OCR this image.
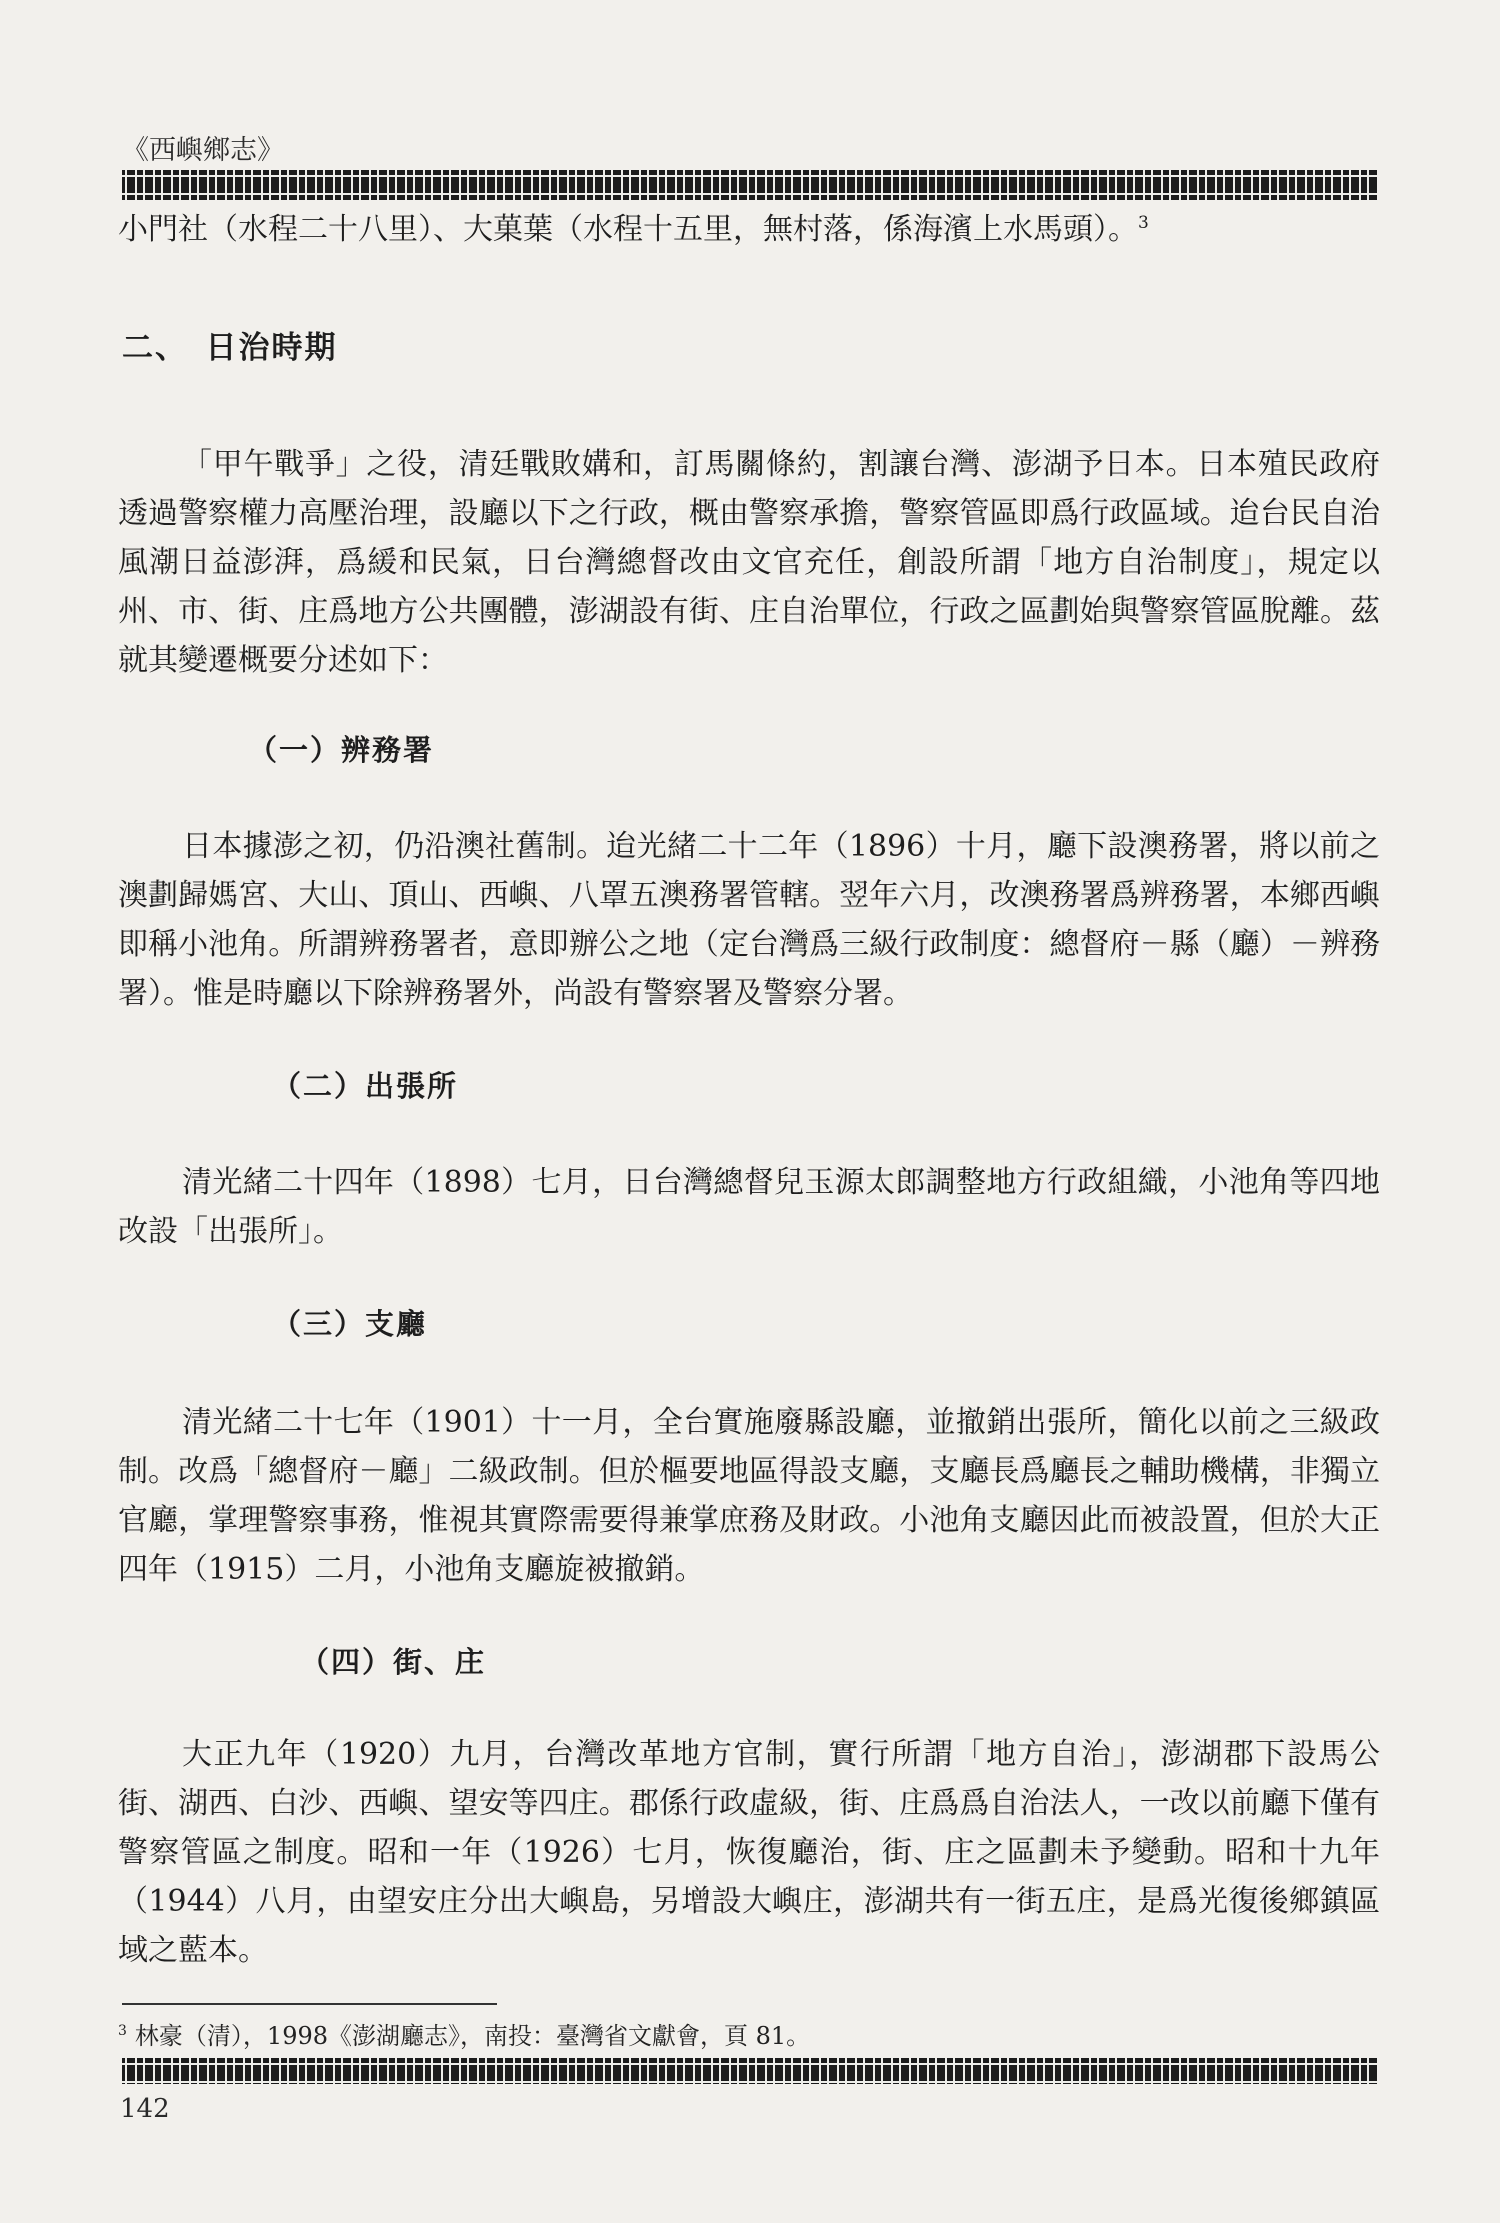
《西嶼鄉志》

小門社（水程二十八里）、大菓葉（水程十五里，無村落，係海濱上水馬頭）。$^3$

二、　日治時期

「甲午戰爭」之役，清廷戰敗媾和，訂馬關條約，割讓台灣、澎湖予日本。日本殖民政府透過警察權力高壓治理，設廳以下之行政，概由警察承擔，警察管區即爲行政區域。迨台民自治風潮日益澎湃，爲緩和民氣，日台灣總督改由文官充任，創設所謂「地方自治制度」，規定以州、市、街、庄爲地方公共團體，澎湖設有街、庄自治單位，行政之區劃始與警察管區脫離。茲就其變遷概要分述如下：

（一）辨務署

日本據澎之初，仍沿澳社舊制。迨光緒二十二年（1896）十月，廳下設澳務署，將以前之澳劃歸媽宮、大山、頂山、西嶼、八罩五澳務署管轄。翌年六月，改澳務署爲辨務署，本鄉西嶼即稱小池角。所謂辨務署者，意即辦公之地（定台灣爲三級行政制度：總督府－縣（廳）－辨務署）。惟是時廳以下除辨務署外，尚設有警察署及警察分署。

（二）出張所

清光緒二十四年（1898）七月，日台灣總督兒玉源太郎調整地方行政組織，小池角等四地改設「出張所」。

（三）支廳

清光緒二十七年（1901）十一月，全台實施廢縣設廳，並撤銷出張所，簡化以前之三級政制。改爲「總督府－廳」二級政制。但於樞要地區得設支廳，支廳長爲廳長之輔助機構，非獨立官廳，掌理警察事務，惟視其實際需要得兼掌庶務及財政。小池角支廳因此而被設置，但於大正四年（1915）二月，小池角支廳旋被撤銷。

（四）街、庄

大正九年（1920）九月，台灣改革地方官制，實行所謂「地方自治」，澎湖郡下設馬公街、湖西、白沙、西嶼、望安等四庄。郡係行政虛級，街、庄爲爲自治法人，一改以前廳下僅有警察管區之制度。昭和一年（1926）七月，恢復廳治，街、庄之區劃未予變動。昭和十九年（1944）八月，由望安庄分出大嶼島，另增設大嶼庄，澎湖共有一街五庄，是爲光復後鄉鎮區域之藍本。

$^3$ 林豪（清），1998《澎湖廳志》，南投：臺灣省文獻會，頁 81。
142
